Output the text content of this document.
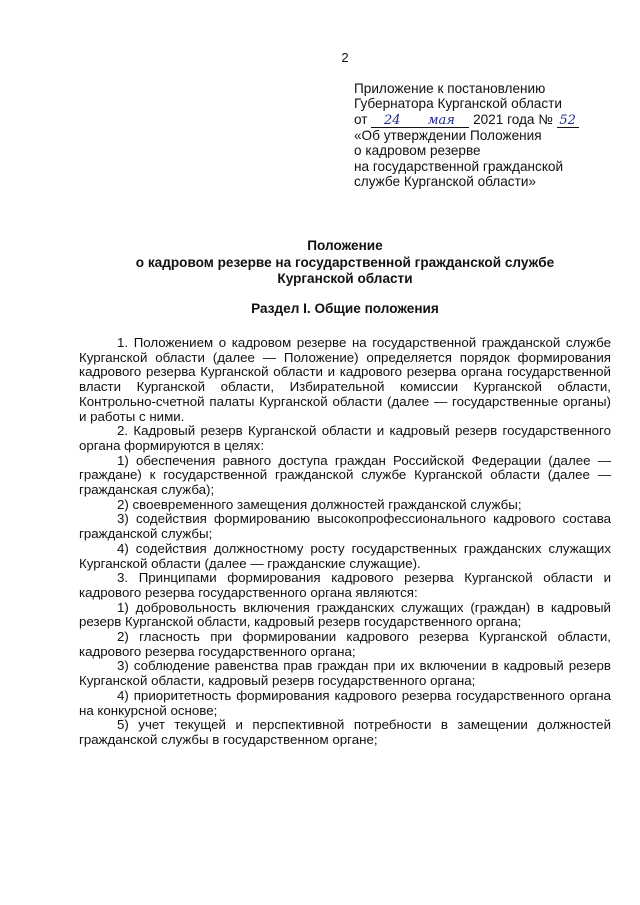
2
Приложение к постановлению
Губернатора Курганской области
от 24 мая 2021 года № 52
«Об утверждении Положения
о кадровом резерве
на государственной гражданской
службе Курганской области»
Положение
о кадровом резерве на государственной гражданской службе
Курганской области
Раздел I. Общие положения

1. Положением о кадровом резерве на государственной гражданской службе Курганской области (далее — Положение) определяется порядок формирования кадрового резерва Курганской области и кадрового резерва органа государственной власти Курганской области, Избирательной комиссии Курганской области, Контрольно-счетной палаты Курганской области (далее — государственные органы) и работы с ними.

2. Кадровый резерв Курганской области и кадровый резерв государственного органа формируются в целях:

1) обеспечения равного доступа граждан Российской Федерации (далее — граждане) к государственной гражданской службе Курганской области (далее — гражданская служба);

2) своевременного замещения должностей гражданской службы;

3) содействия формированию высокопрофессионального кадрового состава гражданской службы;

4) содействия должностному росту государственных гражданских служащих Курганской области (далее — гражданские служащие).

3. Принципами формирования кадрового резерва Курганской области и кадрового резерва государственного органа являются:

1) добровольность включения гражданских служащих (граждан) в кадровый резерв Курганской области, кадровый резерв государственного органа;

2) гласность при формировании кадрового резерва Курганской области, кадрового резерва государственного органа;

3) соблюдение равенства прав граждан при их включении в кадровый резерв Курганской области, кадровый резерв государственного органа;

4) приоритетность формирования кадрового резерва государственного органа на конкурсной основе;

5) учет текущей и перспективной потребности в замещении должностей гражданской службы в государственном органе;
